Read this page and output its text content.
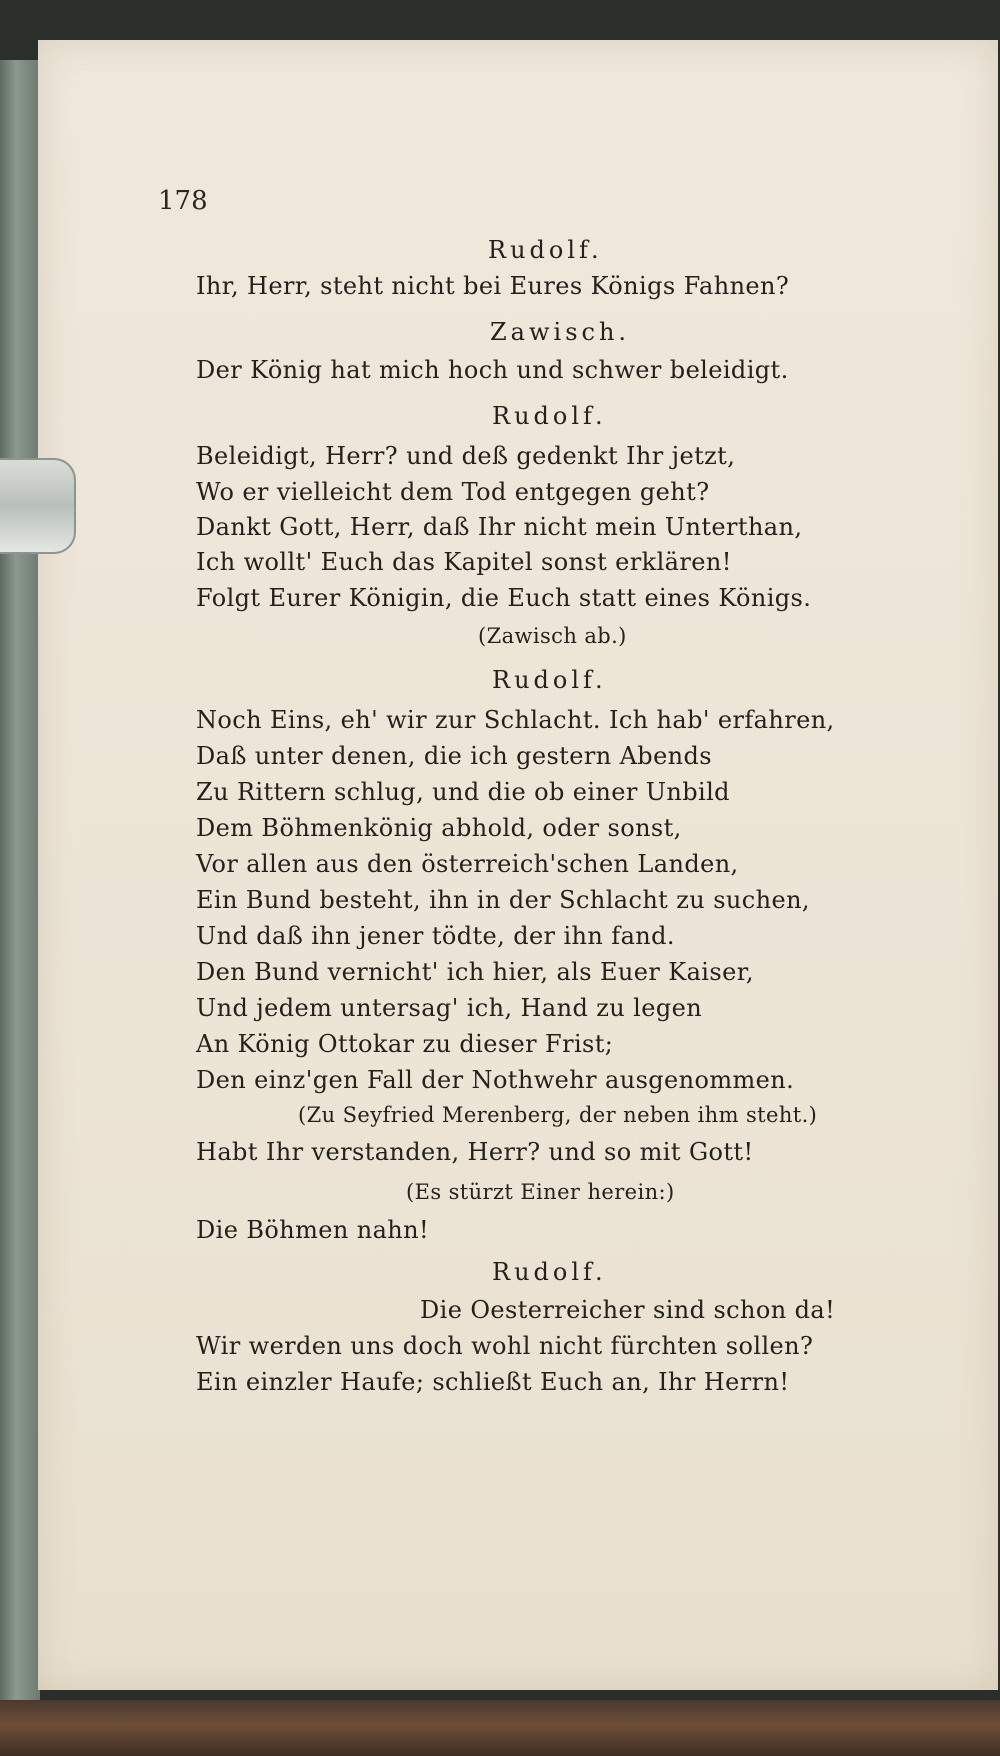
178
Rudolf.
Ihr, Herr, steht nicht bei Eures Königs Fahnen?
Zawisch.
Der König hat mich hoch und schwer beleidigt.
Rudolf.
Beleidigt, Herr? und deß gedenkt Ihr jetzt,
Wo er vielleicht dem Tod entgegen geht?
Dankt Gott, Herr, daß Ihr nicht mein Unterthan,
Ich wollt' Euch das Kapitel sonst erklären!
Folgt Eurer Königin, die Euch statt eines Königs.
(Zawisch ab.)
Rudolf.
Noch Eins, eh' wir zur Schlacht. Ich hab' erfahren,
Daß unter denen, die ich gestern Abends
Zu Rittern schlug, und die ob einer Unbild
Dem Böhmenkönig abhold, oder sonst,
Vor allen aus den österreich'schen Landen,
Ein Bund besteht, ihn in der Schlacht zu suchen,
Und daß ihn jener tödte, der ihn fand.
Den Bund vernicht' ich hier, als Euer Kaiser,
Und jedem untersag' ich, Hand zu legen
An König Ottokar zu dieser Frist;
Den einz'gen Fall der Nothwehr ausgenommen.
(Zu Seyfried Merenberg, der neben ihm steht.)
Habt Ihr verstanden, Herr? und so mit Gott!
(Es stürzt Einer herein:)
Die Böhmen nahn!
Rudolf.
Die Oesterreicher sind schon da!
Wir werden uns doch wohl nicht fürchten sollen?
Ein einzler Haufe; schließt Euch an, Ihr Herrn!
